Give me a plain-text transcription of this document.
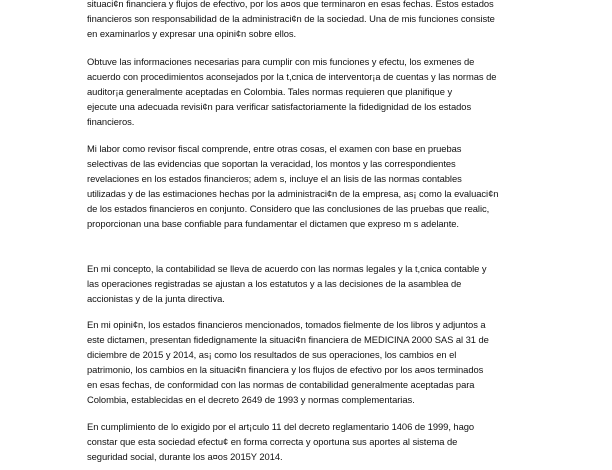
situaci¢n financiera y flujos de efectivo, por los a¤os que terminaron en esas fechas. Estos estados
financieros son responsabilidad de la administraci¢n de la sociedad. Una de mis funciones consiste
en examinarlos y expresar una opini¢n sobre ellos.
Obtuve las informaciones necesarias para cumplir con mis funciones y efectu, los exmenes de
acuerdo con procedimientos aconsejados por la t,cnica de interventor¡a de cuentas y las normas de
auditor¡a generalmente aceptadas en Colombia. Tales normas requieren que planifique y
ejecute una adecuada revisi¢n para verificar satisfactoriamente la fidedignidad de los estados
financieros.
Mi labor como revisor fiscal comprende, entre otras cosas, el examen con base en pruebas
selectivas de las evidencias que soportan la veracidad, los montos y las correspondientes
revelaciones en los estados financieros; adem s, incluye el an lisis de las normas contables
utilizadas y de las estimaciones hechas por la administraci¢n de la empresa, as¡ como la evaluaci¢n
de los estados financieros en conjunto. Considero que las conclusiones de las pruebas que realic,
proporcionan una base confiable para fundamentar el dictamen que expreso m s adelante.
En mi concepto, la contabilidad se lleva de acuerdo con las normas legales y la t,cnica contable y
las operaciones registradas se ajustan a los estatutos y a las decisiones de la asamblea de
accionistas y de la junta directiva.
En mi opini¢n, los estados financieros mencionados, tomados fielmente de los libros y adjuntos a
este dictamen, presentan fidedignamente la situaci¢n financiera de MEDICINA 2000 SAS al 31 de
diciembre de 2015 y 2014, as¡ como los resultados de sus operaciones, los cambios en el
patrimonio, los cambios en la situaci¢n financiera y los flujos de efectivo por los a¤os terminados
en esas fechas, de conformidad con las normas de contabilidad generalmente aceptadas para
Colombia, establecidas en el decreto 2649 de 1993 y normas complementarias.
En cumplimiento de lo exigido por el art¡culo 11 del decreto reglamentario 1406 de 1999, hago
constar que esta sociedad efectu¢ en forma correcta y oportuna sus aportes al sistema de
seguridad social, durante los a¤os 2015Y 2014.
